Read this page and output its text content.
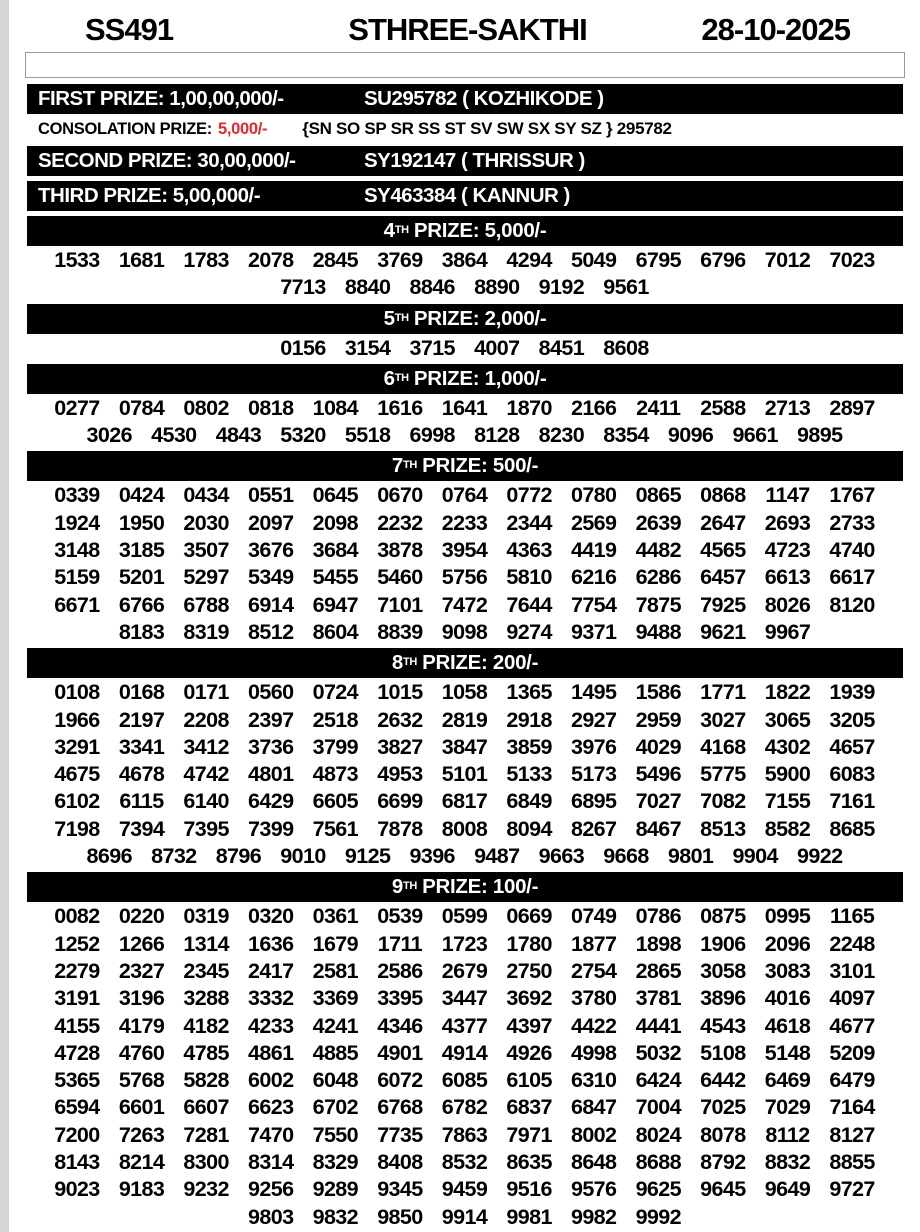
SS491	STHREE-SAKTHI	28-10-2025
FIRST PRIZE: 1,00,00,000/-	SU295782 ( KOZHIKODE )
CONSOLATION PRIZE: 5,000/- {SN SO SP SR SS ST SV SW SX SY SZ } 295782
SECOND PRIZE: 30,00,000/-	SY192147 ( THRISSUR )
THIRD PRIZE: 5,00,000/-	SY463384 ( KANNUR )
4TH PRIZE: 5,000/-
1533 1681 1783 2078 2845 3769 3864 4294 5049 6795 6796 7012 7023
7713 8840 8846 8890 9192 9561
5TH PRIZE: 2,000/-
0156 3154 3715 4007 8451 8608
6TH PRIZE: 1,000/-
0277 0784 0802 0818 1084 1616 1641 1870 2166 2411 2588 2713 2897
3026 4530 4843 5320 5518 6998 8128 8230 8354 9096 9661 9895
7TH PRIZE: 500/-
0339 0424 0434 0551 0645 0670 0764 0772 0780 0865 0868 1147 1767
1924 1950 2030 2097 2098 2232 2233 2344 2569 2639 2647 2693 2733
3148 3185 3507 3676 3684 3878 3954 4363 4419 4482 4565 4723 4740
5159 5201 5297 5349 5455 5460 5756 5810 6216 6286 6457 6613 6617
6671 6766 6788 6914 6947 7101 7472 7644 7754 7875 7925 8026 8120
8183 8319 8512 8604 8839 9098 9274 9371 9488 9621 9967
8TH PRIZE: 200/-
0108 0168 0171 0560 0724 1015 1058 1365 1495 1586 1771 1822 1939
1966 2197 2208 2397 2518 2632 2819 2918 2927 2959 3027 3065 3205
3291 3341 3412 3736 3799 3827 3847 3859 3976 4029 4168 4302 4657
4675 4678 4742 4801 4873 4953 5101 5133 5173 5496 5775 5900 6083
6102 6115 6140 6429 6605 6699 6817 6849 6895 7027 7082 7155 7161
7198 7394 7395 7399 7561 7878 8008 8094 8267 8467 8513 8582 8685
8696 8732 8796 9010 9125 9396 9487 9663 9668 9801 9904 9922
9TH PRIZE: 100/-
0082 0220 0319 0320 0361 0539 0599 0669 0749 0786 0875 0995 1165
1252 1266 1314 1636 1679 1711 1723 1780 1877 1898 1906 2096 2248
2279 2327 2345 2417 2581 2586 2679 2750 2754 2865 3058 3083 3101
3191 3196 3288 3332 3369 3395 3447 3692 3780 3781 3896 4016 4097
4155 4179 4182 4233 4241 4346 4377 4397 4422 4441 4543 4618 4677
4728 4760 4785 4861 4885 4901 4914 4926 4998 5032 5108 5148 5209
5365 5768 5828 6002 6048 6072 6085 6105 6310 6424 6442 6469 6479
6594 6601 6607 6623 6702 6768 6782 6837 6847 7004 7025 7029 7164
7200 7263 7281 7470 7550 7735 7863 7971 8002 8024 8078 8112 8127
8143 8214 8300 8314 8329 8408 8532 8635 8648 8688 8792 8832 8855
9023 9183 9232 9256 9289 9345 9459 9516 9576 9625 9645 9649 9727
9803 9832 9850 9914 9981 9982 9992
